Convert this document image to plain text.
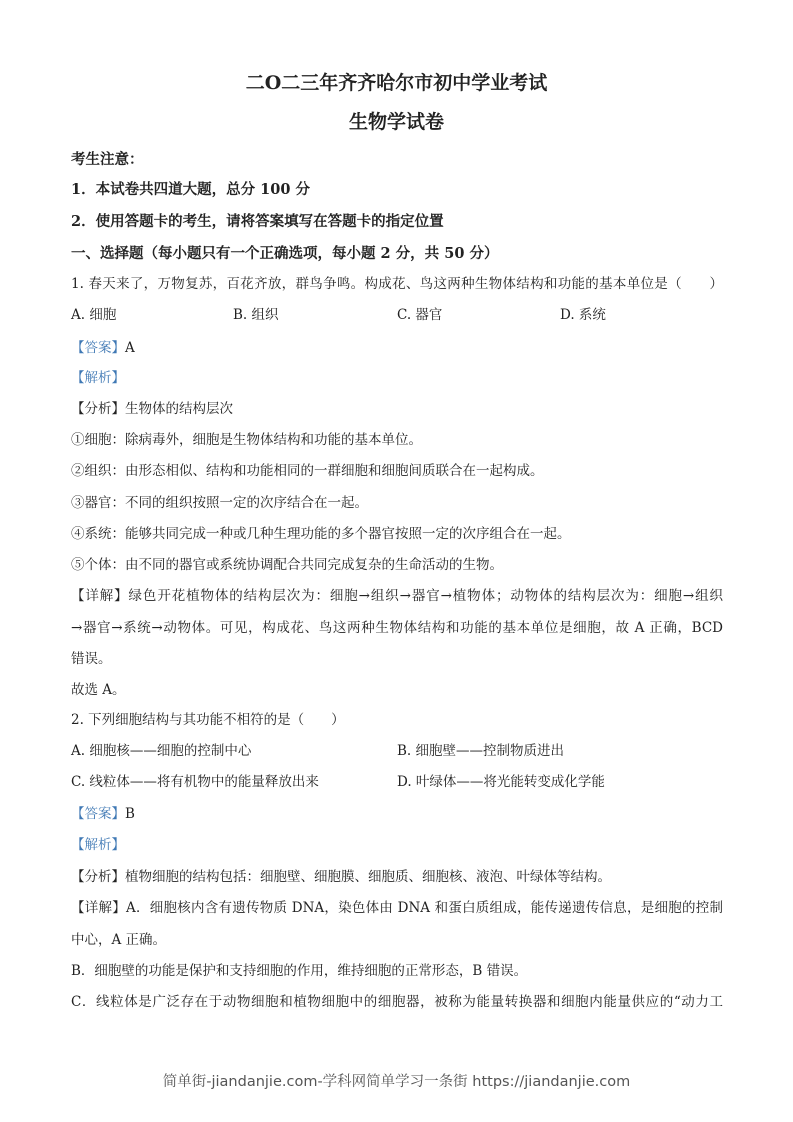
二O二三年齐齐哈尔市初中学业考试
生物学试卷
考生注意：
1．本试卷共四道大题，总分 100 分
2．使用答题卡的考生，请将答案填写在答题卡的指定位置
一、选择题（每小题只有一个正确选项，每小题 2 分，共 50 分）
1. 春天来了，万物复苏，百花齐放，群鸟争鸣。构成花、鸟这两种生物体结构和功能的基本单位是（　　）
A. 细胞	B. 组织	C. 器官	D. 系统
【答案】A
【解析】
【分析】生物体的结构层次
①细胞：除病毒外，细胞是生物体结构和功能的基本单位。
②组织：由形态相似、结构和功能相同的一群细胞和细胞间质联合在一起构成。
③器官：不同的组织按照一定的次序结合在一起。
④系统：能够共同完成一种或几种生理功能的多个器官按照一定的次序组合在一起。
⑤个体：由不同的器官或系统协调配合共同完成复杂的生命活动的生物。
【详解】绿色开花植物体的结构层次为：细胞→组织→器官→植物体；动物体的结构层次为：细胞→组织
→器官→系统→动物体。可见，构成花、鸟这两种生物体结构和功能的基本单位是细胞，故 A 正确，BCD
错误。
故选 A。
2. 下列细胞结构与其功能不相符的是（　　）
A. 细胞核——细胞的控制中心	B. 细胞壁——控制物质进出
C. 线粒体——将有机物中的能量释放出来	D. 叶绿体——将光能转变成化学能
【答案】B
【解析】
【分析】植物细胞的结构包括：细胞壁、细胞膜、细胞质、细胞核、液泡、叶绿体等结构。
【详解】A．细胞核内含有遗传物质 DNA，染色体由 DNA 和蛋白质组成，能传递遗传信息，是细胞的控制
中心，A 正确。
B．细胞壁的功能是保护和支持细胞的作用，维持细胞的正常形态，B 错误。
C．线粒体是广泛存在于动物细胞和植物细胞中的细胞器，被称为能量转换器和细胞内能量供应的“动力工
简单街-jiandanjie.com-学科网简单学习一条街 https://jiandanjie.com
